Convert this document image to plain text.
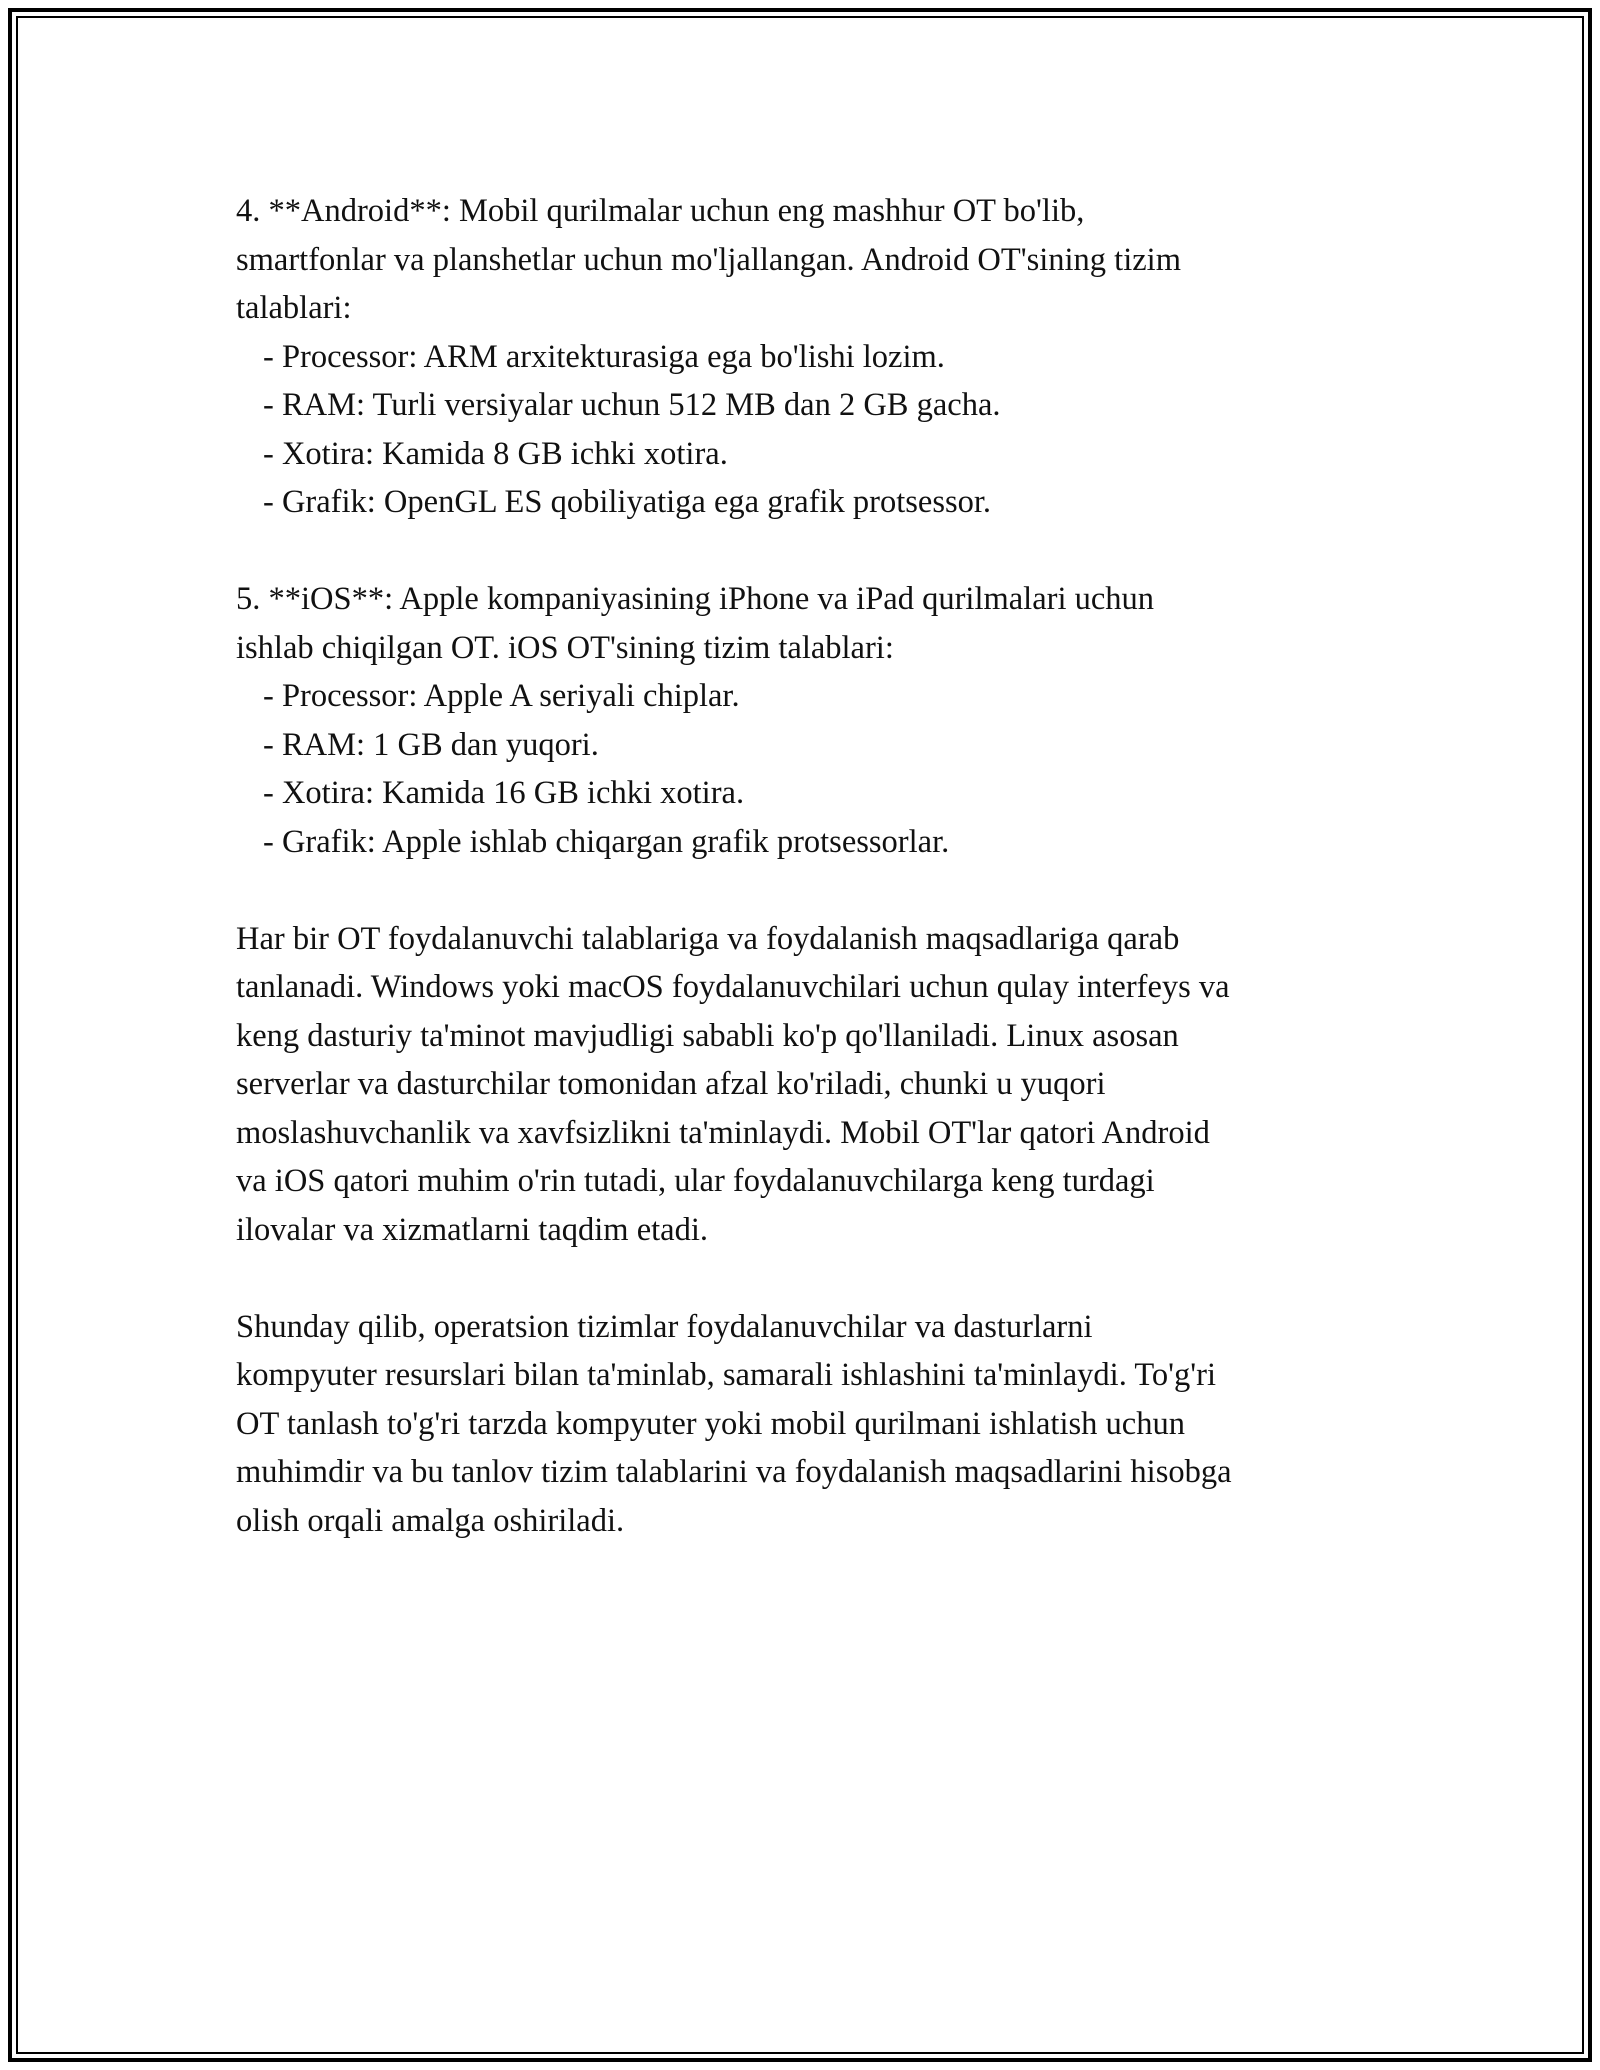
4. **Android**: Mobil qurilmalar uchun eng mashhur OT bo'lib,
smartfonlar va planshetlar uchun mo'ljallangan. Android OT'sining tizim
talablari:
- Processor: ARM arxitekturasiga ega bo'lishi lozim.
- RAM: Turli versiyalar uchun 512 MB dan 2 GB gacha.
- Xotira: Kamida 8 GB ichki xotira.
- Grafik: OpenGL ES qobiliyatiga ega grafik protsessor.
5. **iOS**: Apple kompaniyasining iPhone va iPad qurilmalari uchun
ishlab chiqilgan OT. iOS OT'sining tizim talablari:
- Processor: Apple A seriyali chiplar.
- RAM: 1 GB dan yuqori.
- Xotira: Kamida 16 GB ichki xotira.
- Grafik: Apple ishlab chiqargan grafik protsessorlar.
Har bir OT foydalanuvchi talablariga va foydalanish maqsadlariga qarab
tanlanadi. Windows yoki macOS foydalanuvchilari uchun qulay interfeys va
keng dasturiy ta'minot mavjudligi sababli ko'p qo'llaniladi. Linux asosan
serverlar va dasturchilar tomonidan afzal ko'riladi, chunki u yuqori
moslashuvchanlik va xavfsizlikni ta'minlaydi. Mobil OT'lar qatori Android
va iOS qatori muhim o'rin tutadi, ular foydalanuvchilarga keng turdagi
ilovalar va xizmatlarni taqdim etadi.
Shunday qilib, operatsion tizimlar foydalanuvchilar va dasturlarni
kompyuter resurslari bilan ta'minlab, samarali ishlashini ta'minlaydi. To'g'ri
OT tanlash to'g'ri tarzda kompyuter yoki mobil qurilmani ishlatish uchun
muhimdir va bu tanlov tizim talablarini va foydalanish maqsadlarini hisobga
olish orqali amalga oshiriladi.
